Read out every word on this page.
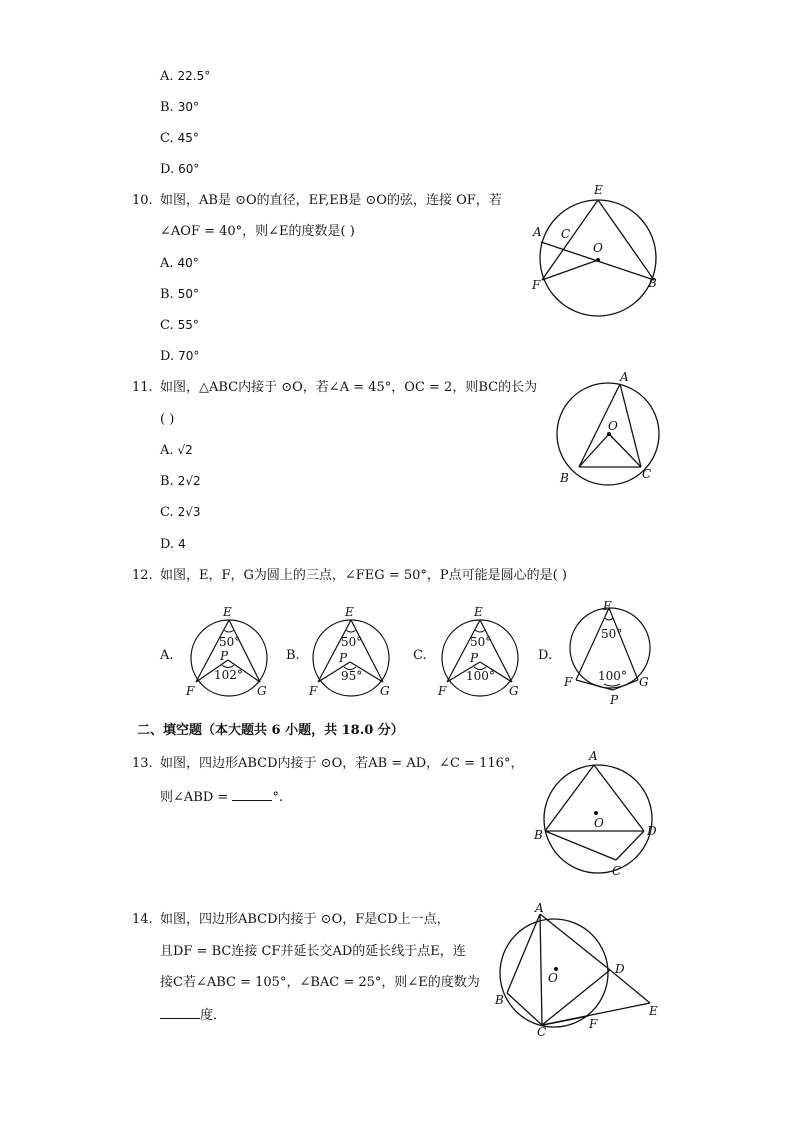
A. 22.5°
B. 30°
C. 45°
D. 60°
10. 如图，AB是 ⊙O的直径，EF,EB是 ⊙O的弦，连接 OF，若
∠AOF = 40°，则∠E的度数是( )
A. 40°
B. 50°
C. 55°
D. 70°
E
A C
O
F	B
11. 如图，△ABC内接于 ⊙O，若∠A = 45°，OC = 2，则BC的长为
( )
A. √2
B. 2√2
C. 2√3
D. 4
A
O
B	C
12. 如图，E，F，G为圆上的三点，∠FEG = 50°，P点可能是圆心的是( )
A.
E
50°
P
102°
F	G
B.
E
50°
P
95°
F	G
C.
E
50°
P
100°
F	G
D.
E
50°
100°
F	G
P
二、填空题（本大题共 6 小题，共 18.0 分）
13. 如图，四边形ABCD内接于 ⊙O，若AB = AD，∠C = 116°，
则∠ABD =	°.
A
B
O
D
C
14. 如图，四边形ABCD内接于 ⊙O，F是CD上一点，
且DF = BC连接 CF并延长交AD的延长线于点E，连
接C若∠ABC = 105°，∠BAC = 25°，则∠E的度数为
度．
A
B
O
D
C
F
E
